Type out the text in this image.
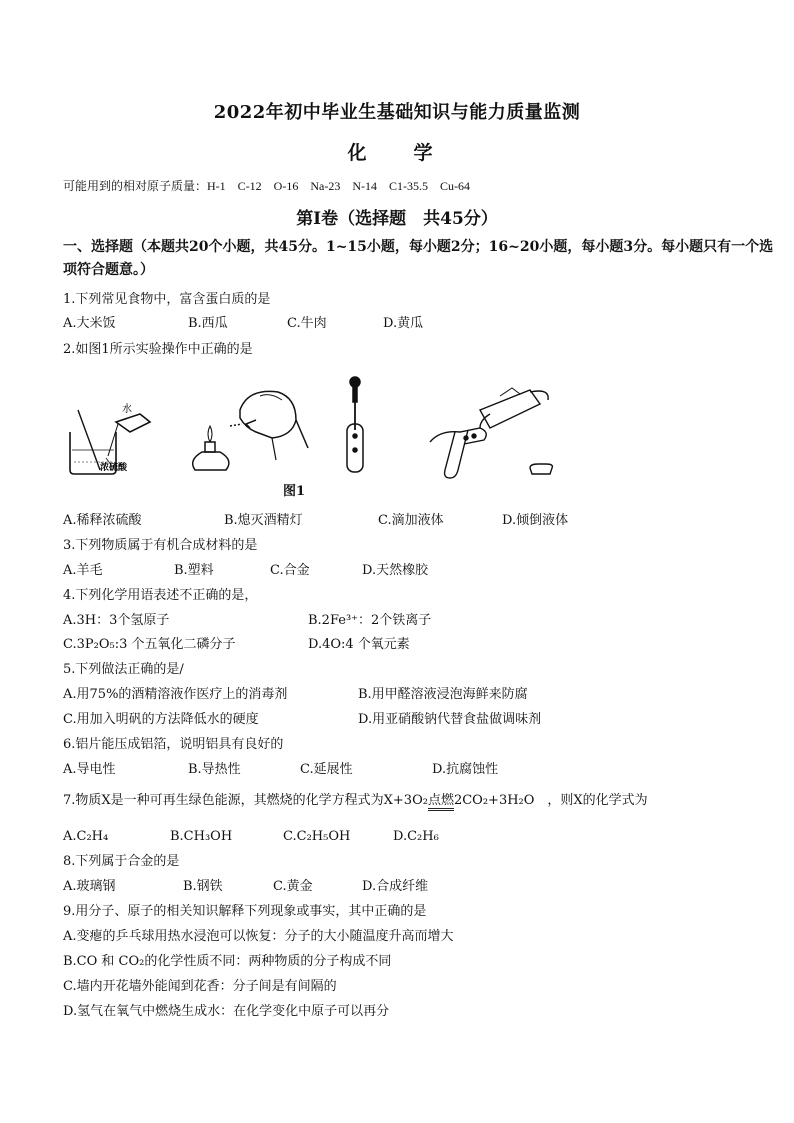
2022年初中毕业生基础知识与能力质量监测
化　学
可能用到的相对原子质量：H-1　C-12　O-16　Na-23　N-14　C1-35.5　Cu-64
第Ⅰ卷（选择题　共45分）
一、选择题（本题共20个小题，共45分。1~15小题，每小题2分；16~20小题，每小题3分。每小题只有一个选项符合题意。）
1.下列常见食物中，富含蛋白质的是
A.大米饭	B.西瓜	C.牛肉	D.黄瓜
2.如图1所示实验操作中正确的是
水
浓硫酸
图1
A.稀释浓硫酸	B.熄灭酒精灯	C.滴加液体	D.倾倒液体
3.下列物质属于有机合成材料的是
A.羊毛	B.塑料	C.合金	D.天然橡胶
4.下列化学用语表述不正确的是，
A.3H：3个氢原子	B.2Fe³⁺：2个铁离子
C.3P₂O₅:3 个五氧化二磷分子	D.4O:4 个氧元素
5.下列做法正确的是/
A.用75%的酒精溶液作医疗上的消毒剂	B.用甲醛溶液浸泡海鲜来防腐
C.用加入明矾的方法降低水的硬度	D.用亚硝酸钠代替食盐做调味剂
6.铝片能压成铝箔，说明铝具有良好的
A.导电性	B.导热性	C.延展性	D.抗腐蚀性
7.物质X是一种可再生绿色能源，其燃烧的化学方程式为X+3O₂点燃2CO₂+3H₂O　，则X的化学式为
A.C₂H₄	B.CH₃OH	C.C₂H₅OH	D.C₂H₆
8.下列属于合金的是
A.玻璃钢	B.钢铁	C.黄金	D.合成纤维
9.用分子、原子的相关知识解释下列现象或事实，其中正确的是
A.变瘪的乒乓球用热水浸泡可以恢复：分子的大小随温度升高而增大
B.CO 和 CO₂的化学性质不同：两种物质的分子构成不同
C.墙内开花墙外能闻到花香：分子间是有间隔的
D.氢气在氧气中燃烧生成水：在化学变化中原子可以再分
